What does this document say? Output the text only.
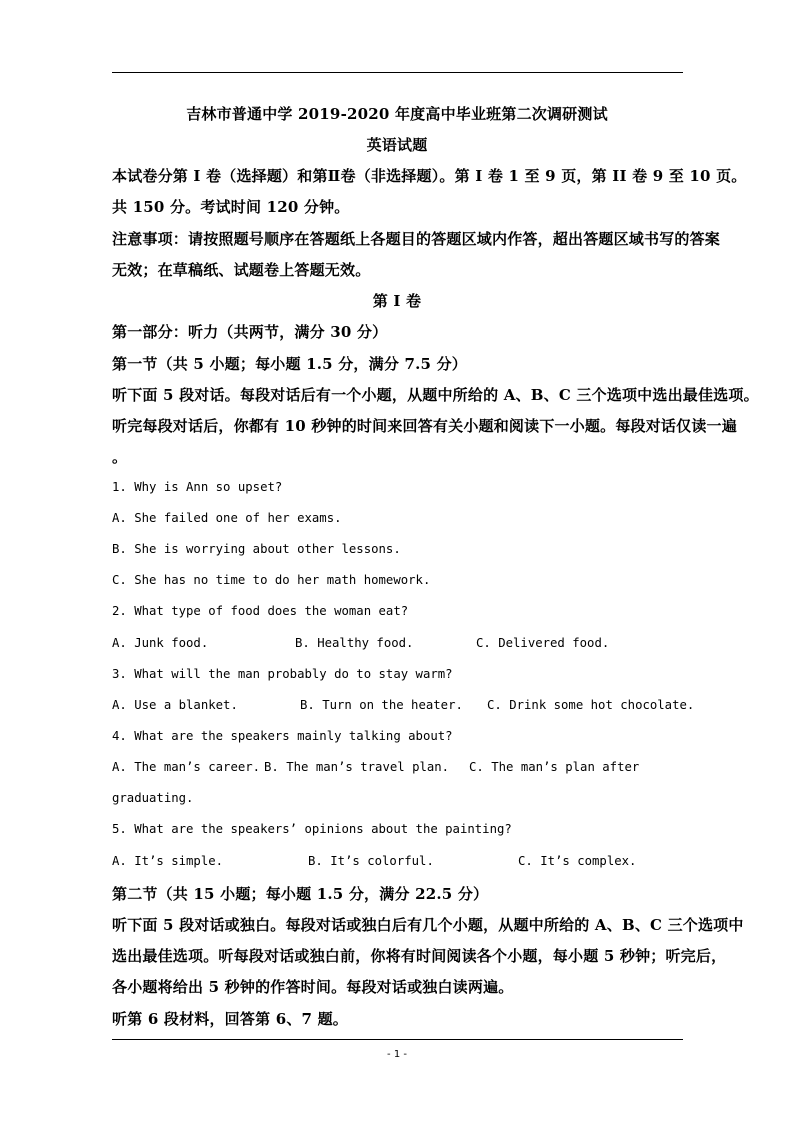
吉林市普通中学 2019-2020 年度高中毕业班第二次调研测试
英语试题
本试卷分第 I 卷（选择题）和第Ⅱ卷（非选择题）。第 I 卷 1 至 9 页，第 II 卷 9 至 10 页。
共 150 分。考试时间 120 分钟。
注意事项：请按照题号顺序在答题纸上各题目的答题区域内作答，超出答题区域书写的答案
无效；在草稿纸、试题卷上答题无效。
第 I 卷
第一部分：听力（共两节，满分 30 分）
第一节（共 5 小题；每小题 1.5 分，满分 7.5 分）
听下面 5 段对话。每段对话后有一个小题，从题中所给的 A、B、C 三个选项中选出最佳选项。
听完每段对话后，你都有 10 秒钟的时间来回答有关小题和阅读下一小题。每段对话仅读一遍
。
1. Why is Ann so upset?
A. She failed one of her exams.
B. She is worrying about other lessons.
C. She has no time to do her math homework.
2. What type of food does the woman eat?
A. Junk food.	B. Healthy food.	C. Delivered food.
3. What will the man probably do to stay warm?
A. Use a blanket.	B. Turn on the heater. C. Drink some hot chocolate.
4. What are the speakers mainly talking about?
A. The man’s career. B. The man’s travel plan. C. The man’s plan after
graduating.
5. What are the speakers’ opinions about the painting?
A. It’s simple.	B. It’s colorful.	C. It’s complex.
第二节（共 15 小题；每小题 1.5 分，满分 22.5 分）
听下面 5 段对话或独白。每段对话或独白后有几个小题，从题中所给的 A、B、C 三个选项中
选出最佳选项。听每段对话或独白前，你将有时间阅读各个小题，每小题 5 秒钟；听完后，
各小题将给出 5 秒钟的作答时间。每段对话或独白读两遍。
听第 6 段材料，回答第 6、7 题。
- 1 -
